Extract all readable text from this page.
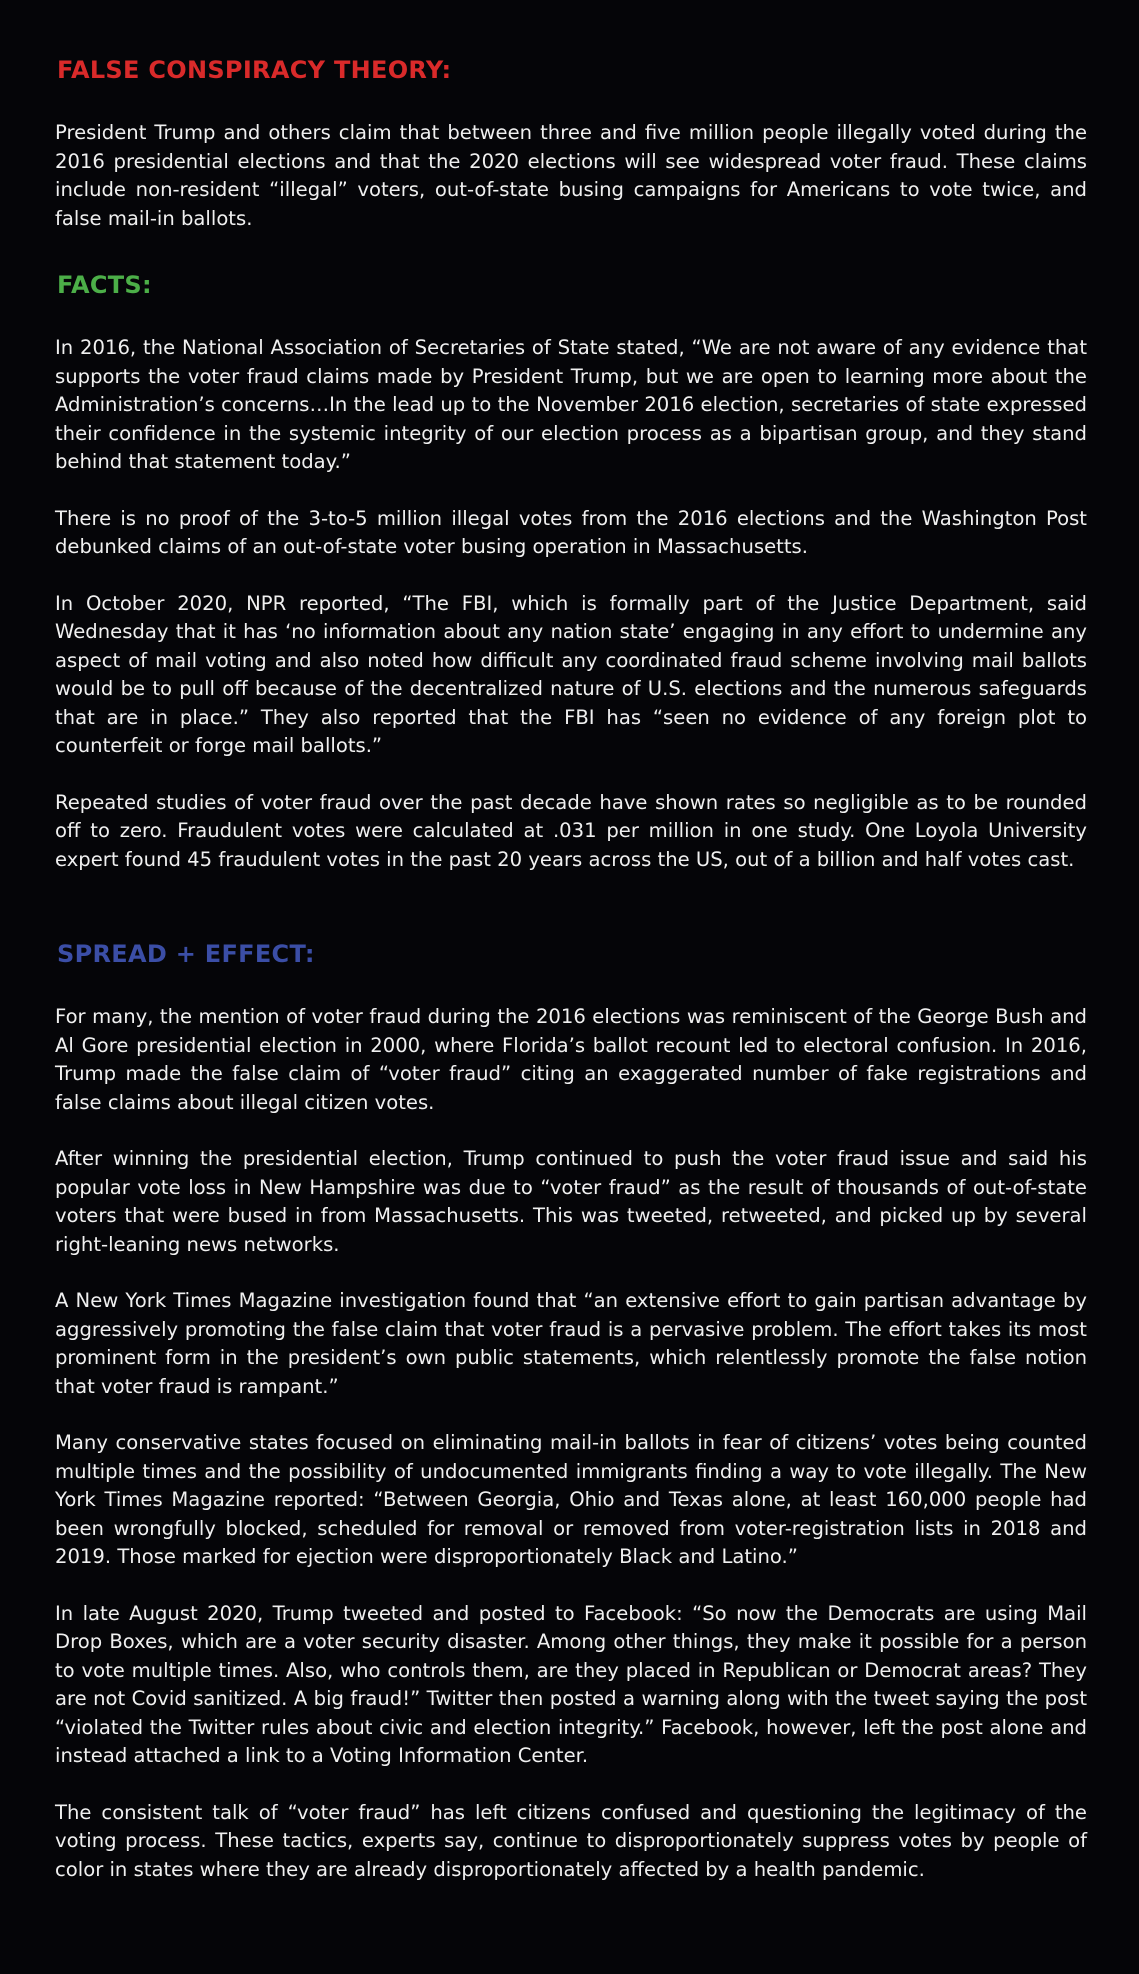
FALSE CONSPIRACY THEORY:

President Trump and others claim that between three and five million people illegally voted during the 2016 presidential elections and that the 2020 elections will see widespread voter fraud. These claims include non-resident “illegal” voters, out-of-state busing campaigns for Americans to vote twice, and false mail-in ballots.

FACTS:

In 2016, the National Association of Secretaries of State stated, “We are not aware of any evidence that supports the voter fraud claims made by President Trump, but we are open to learning more about the Administration’s concerns…In the lead up to the November 2016 election, secretaries of state expressed their confidence in the systemic integrity of our election process as a bipartisan group, and they stand behind that statement today.”

There is no proof of the 3-to-5 million illegal votes from the 2016 elections and the Washington Post debunked claims of an out-of-state voter busing operation in Massachusetts.

In October 2020, NPR reported, “The FBI, which is formally part of the Justice Department, said Wednesday that it has ‘no information about any nation state’ engaging in any effort to undermine any aspect of mail voting and also noted how difficult any coordinated fraud scheme involving mail ballots would be to pull off because of the decentralized nature of U.S. elections and the numerous safeguards that are in place.” They also reported that the FBI has “seen no evidence of any foreign plot to counterfeit or forge mail ballots.”

Repeated studies of voter fraud over the past decade have shown rates so negligible as to be rounded off to zero. Fraudulent votes were calculated at .031 per million in one study. One Loyola University expert found 45 fraudulent votes in the past 20 years across the US, out of a billion and half votes cast.

SPREAD + EFFECT:

For many, the mention of voter fraud during the 2016 elections was reminiscent of the George Bush and Al Gore presidential election in 2000, where Florida’s ballot recount led to electoral confusion. In 2016, Trump made the false claim of “voter fraud” citing an exaggerated number of fake registrations and false claims about illegal citizen votes.

After winning the presidential election, Trump continued to push the voter fraud issue and said his popular vote loss in New Hampshire was due to “voter fraud” as the result of thousands of out-of-state voters that were bused in from Massachusetts. This was tweeted, retweeted, and picked up by several right-leaning news networks.

A New York Times Magazine investigation found that “an extensive effort to gain partisan advantage by aggressively promoting the false claim that voter fraud is a pervasive problem. The effort takes its most prominent form in the president’s own public statements, which relentlessly promote the false notion that voter fraud is rampant.”

Many conservative states focused on eliminating mail-in ballots in fear of citizens’ votes being counted multiple times and the possibility of undocumented immigrants finding a way to vote illegally. The New York Times Magazine reported: “Between Georgia, Ohio and Texas alone, at least 160,000 people had been wrongfully blocked, scheduled for removal or removed from voter-registration lists in 2018 and 2019. Those marked for ejection were disproportionately Black and Latino.”

In late August 2020, Trump tweeted and posted to Facebook: “So now the Democrats are using Mail Drop Boxes, which are a voter security disaster. Among other things, they make it possible for a person to vote multiple times. Also, who controls them, are they placed in Republican or Democrat areas? They are not Covid sanitized. A big fraud!” Twitter then posted a warning along with the tweet saying the post “violated the Twitter rules about civic and election integrity.” Facebook, however, left the post alone and instead attached a link to a Voting Information Center.

The consistent talk of “voter fraud” has left citizens confused and questioning the legitimacy of the voting process. These tactics, experts say, continue to disproportionately suppress votes by people of color in states where they are already disproportionately affected by a health pandemic.
